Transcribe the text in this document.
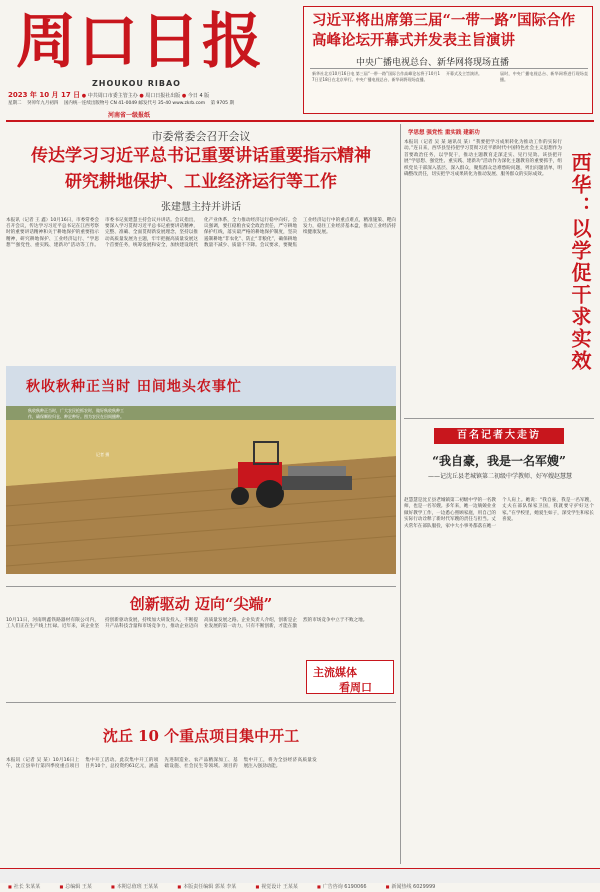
周口日报
ZHOUKOU RIBAO
2023 年 10 月 17 日 ● 中共周口市委主管主办 ● 周口日报社出版 ● 今日 4 版
星期二 癸卯年九月初四 国内统一连续出版物号 CN 41-0049 邮发代号 35-40 www.zkrb.com 第 9705 期
河南省一级报纸
习近平将出席第三届“一带一路”国际合作高峰论坛开幕式并发表主旨演讲
中央广播电视总台、新华网将现场直播
新华社北京10月16日电 第三届“一带一路”国际合作高峰论坛将于10月17日至18日在北京举行。中央广播电视总台、新华网将现场直播。
开幕式及主旨演讲。	届时，中央广播电视总台、新华网将进行现场直播。
市委常委会召开会议
传达学习习近平总书记重要讲话重要指示精神
研究耕地保护、工业经济运行等工作
张建慧主持并讲话
本报讯（记者 王 鑫）10月16日，市委常委会召开会议，传达学习习近平总书记在江西考察时的重要讲话精神和关于耕地保护的重要指示精神，研究耕地保护、工业经济运行、“学思想”“强党性、重实践、建新功”活动等工作。市委书记张建慧主持会议并讲话。会议指出，要深入学习贯彻习近平总书记重要讲话精神，完整、准确、全面贯彻新发展理念，坚持以推动高质量发展为主题，牢牢把握高质量发展这个首要任务，统筹发展和安全，加快建设现代化产业体系，全力推动经济运行稳中向好。会议强调，要扛稳粮食安全政治责任，严守耕地保护红线，落实最严格的耕地保护制度，坚决遏制耕地“非农化”、防止“非粮化”，确保耕地数量不减少、质量不下降。会议要求，要聚焦工业经济运行中的重点难点，精准施策、靶向发力，稳住工业经济基本盘，推动工业经济持续健康发展。
秋收秋种正当时 田间地头农事忙
秋收秋种正当时，广大农民抢抓农时，做好秋收秋种工作，确保颗粒归仓、种足种好。图为农民在田间播种。
记者 摄
创新驱动 迈向“尖端”
10月11日，河南明鑫铁路器材有限公司内，工人们正在生产线上忙碌。近年来，该企业坚持创新驱动发展，持续加大研发投入，不断提升产品科技含量和市场竞争力，推动企业迈向高质量发展之路。企业负责人介绍，创新是企业发展的第一动力，只有不断创新，才能在激烈的市场竞争中立于不败之地。
主流媒体
看周口
沈丘 10 个重点项目集中开工
本报讯（记者 吴 某）10月16日上午，沈丘县举行第四季度重点项目集中开工活动。此次集中开工的项目共10个，总投资约61亿元，涵盖先进制造业、农产品精深加工、基础设施、社会民生等领域。项目的集中开工，将为全县经济高质量发展注入强劲动能。
学思想 强党性 重实践 建新功
本报讯（记者 吴 某 通讯员 某）“我要把学习成果转化为推动工作的实际行动。”连日来，西华县坚持把学习贯彻习近平新时代中国特色社会主义思想作为首要政治任务，以学促干，推动主题教育走深走实、见行见效。该县把开展“学思想、强党性、重实践、建新功”活动作为深化主题教育的重要抓手，组织党员干部深入基层、深入群众，聚焦群众急难愁盼问题，列出问题清单，明确整改责任，切实把学习成果转化为推动发展、服务群众的实际成效。	西华：以学促干求实效
百名记者大走访
“我自豪，我是一名军嫂”
——记沈丘县老城镇第二初级中学教师、好军嫂赵慧慧
赵慧慧是沈丘县老城镇第二初级中学的一名教师，也是一名军嫂。多年来，她一边兢兢业业做好教学工作，一边悉心照顾家庭，用自己的实际行动诠释了新时代军嫂的责任与担当。丈夫常年在部队服役，家中大小事务都落在她一个人肩上。她说：“我自豪，我是一名军嫂，丈夫在部队保家卫国，我就要守护好这个家。”在学校里，她爱生如子，深受学生和家长喜爱。
■ 社长 朱某某	■ 总编辑 王某	■ 本期总值班 王某某	■ 本版责任编辑 郭某 李某	■ 视觉设计 王某某	■ 广告咨询 6190066	■ 新闻热线 6029999
